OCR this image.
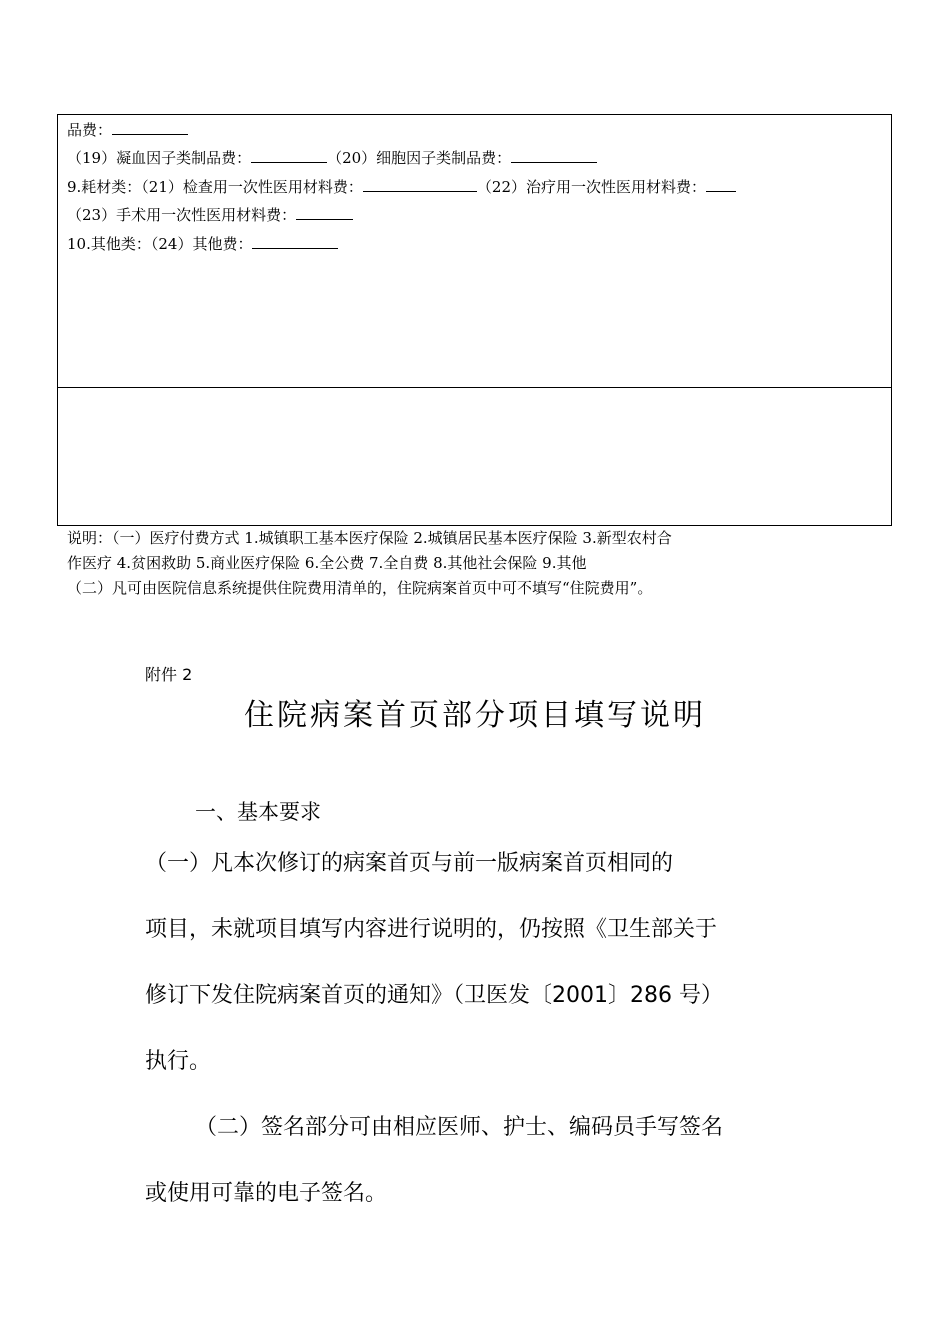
品费：
（19）凝血因子类制品费：	（20）细胞因子类制品费：
9.耗材类：（21）检查用一次性医用材料费：	（22）治疗用一次性医用材料费：
（23）手术用一次性医用材料费：
10.其他类：（24）其他费：
说明：（一）医疗付费方式 1.城镇职工基本医疗保险 2.城镇居民基本医疗保险 3.新型农村合
作医疗 4.贫困救助 5.商业医疗保险 6.全公费 7.全自费 8.其他社会保险 9.其他
（二）凡可由医院信息系统提供住院费用清单的，住院病案首页中可不填写“住院费用”。
附件 2
住院病案首页部分项目填写说明
一、基本要求
（一）凡本次修订的病案首页与前一版病案首页相同的
项目，未就项目填写内容进行说明的，仍按照《卫生部关于
修订下发住院病案首页的通知》（卫医发〔2001〕286 号）
执行。
（二）签名部分可由相应医师、护士、编码员手写签名
或使用可靠的电子签名。
